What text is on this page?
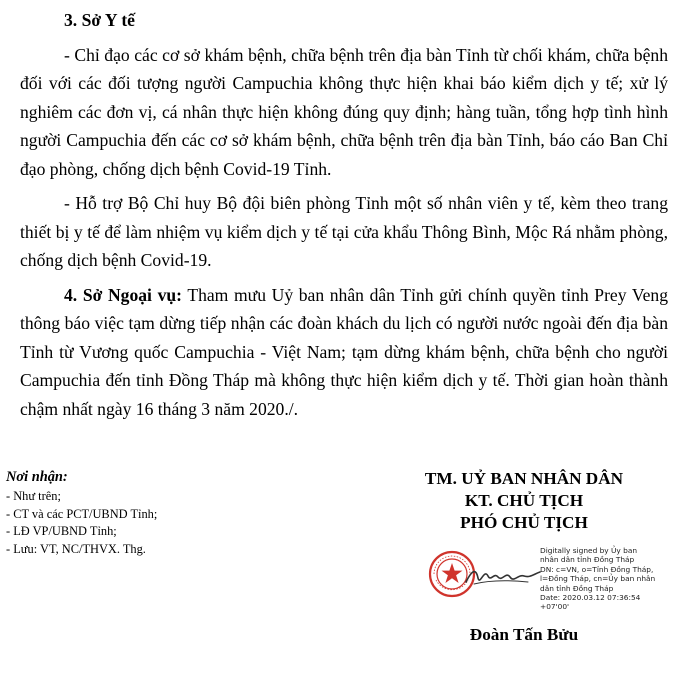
3. Sở Y tế

- Chỉ đạo các cơ sở khám bệnh, chữa bệnh trên địa bàn Tỉnh từ chối khám, chữa bệnh đối với các đối tượng người Campuchia không thực hiện khai báo kiểm dịch y tế; xử lý nghiêm các đơn vị, cá nhân thực hiện không đúng quy định; hàng tuần, tổng hợp tình hình người Campuchia đến các cơ sở khám bệnh, chữa bệnh trên địa bàn Tỉnh, báo cáo Ban Chỉ đạo phòng, chống dịch bệnh Covid-19 Tỉnh.

- Hỗ trợ Bộ Chỉ huy Bộ đội biên phòng Tỉnh một số nhân viên y tế, kèm theo trang thiết bị y tế để làm nhiệm vụ kiểm dịch y tế tại cửa khẩu Thông Bình, Mộc Rá nhằm phòng, chống dịch bệnh Covid-19.

4. Sở Ngoại vụ: Tham mưu Uỷ ban nhân dân Tỉnh gửi chính quyền tỉnh Prey Veng thông báo việc tạm dừng tiếp nhận các đoàn khách du lịch có người nước ngoài đến địa bàn Tỉnh từ Vương quốc Campuchia - Việt Nam; tạm dừng khám bệnh, chữa bệnh cho người Campuchia đến tỉnh Đồng Tháp mà không thực hiện kiểm dịch y tế. Thời gian hoàn thành chậm nhất ngày 16 tháng 3 năm 2020./.

Nơi nhận:
- Như trên;
- CT và các PCT/UBND Tỉnh;
- LĐ VP/UBND Tỉnh;
- Lưu: VT, NC/THVX. Thg.
TM. UỶ BAN NHÂN DÂN
KT. CHỦ TỊCH
PHÓ CHỦ TỊCH
Digitally signed by Ủy ban
nhân dân tỉnh Đồng Tháp
DN: c=VN, o=Tỉnh Đồng Tháp,
l=Đồng Tháp, cn=Ủy ban nhân
dân tỉnh Đồng Tháp
Date: 2020.03.12 07:36:54
+07'00'
Đoàn Tấn Bửu
